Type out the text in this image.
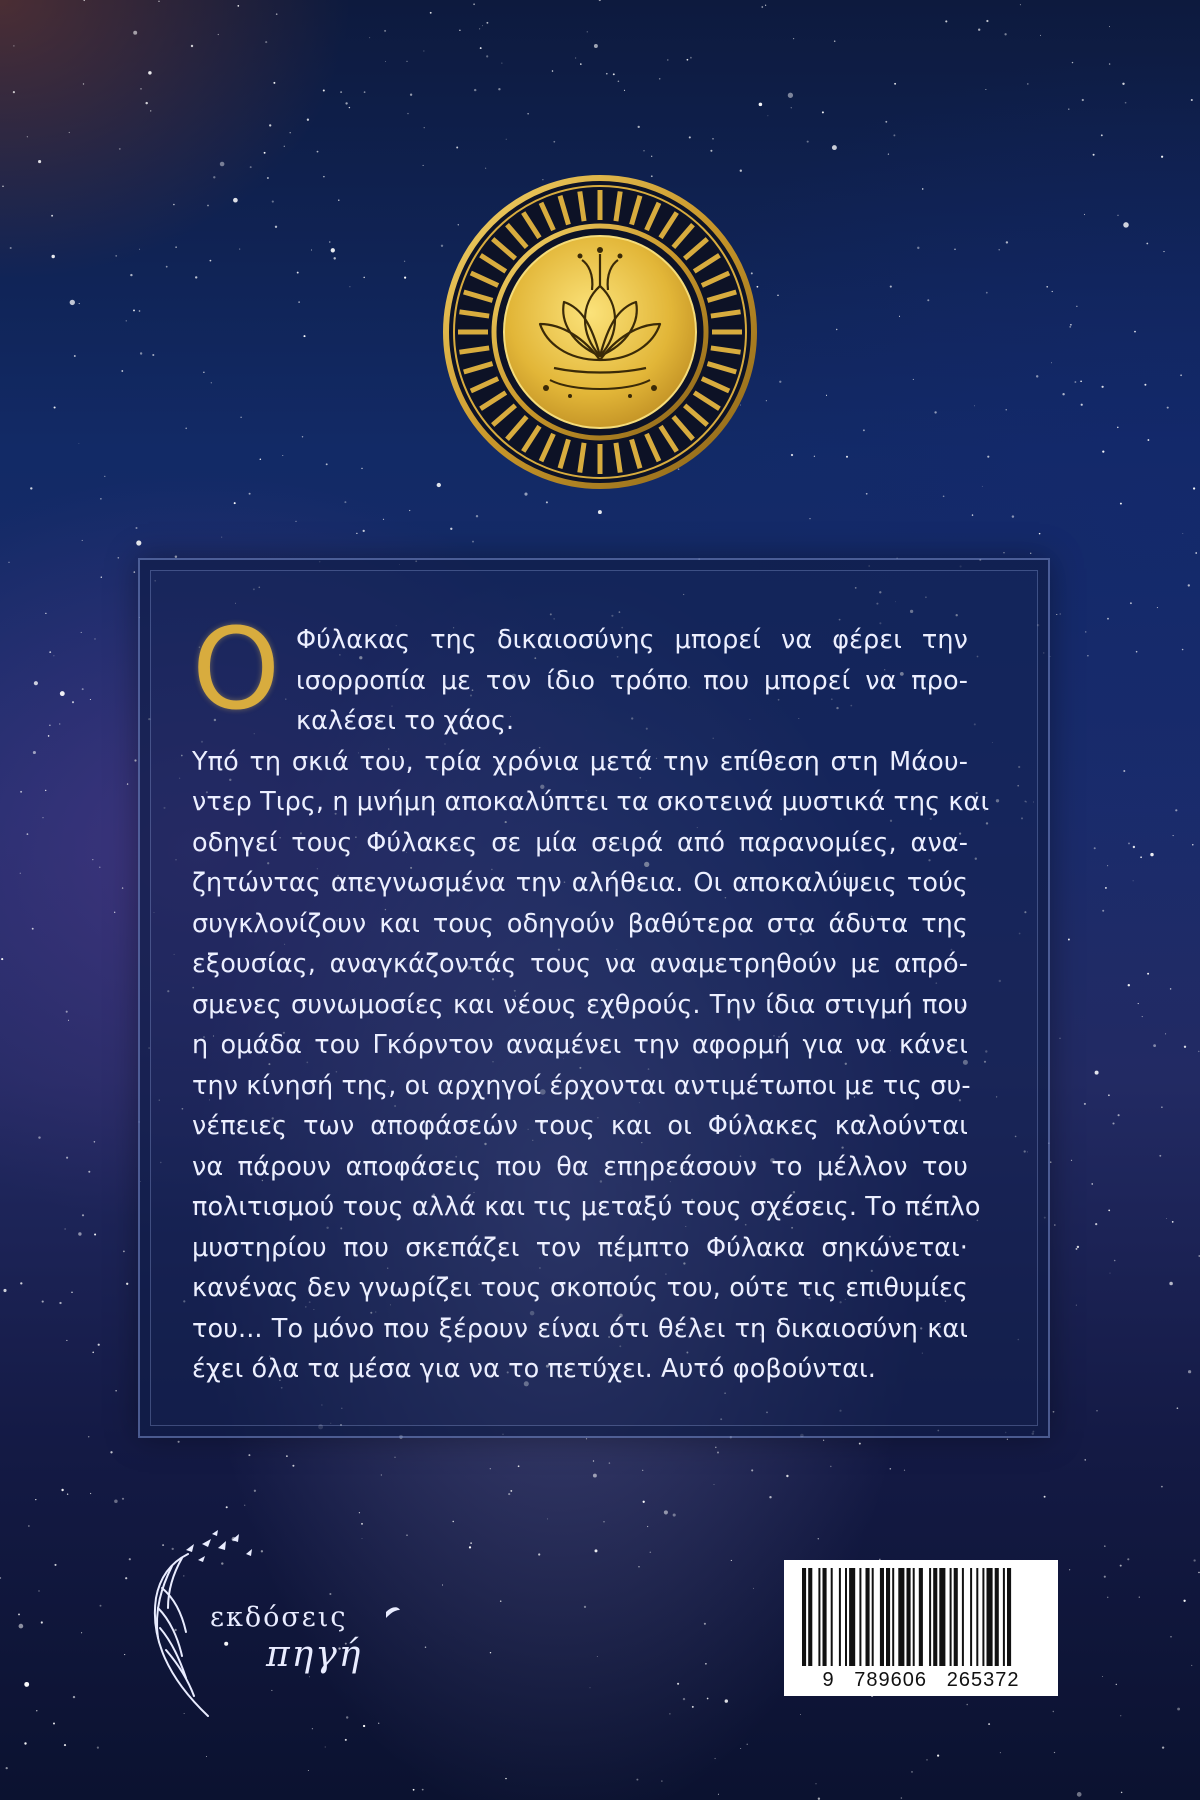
Ο Φύλακας της δικαιοσύνης μπορεί να φέρει την
ισορροπία με τον ίδιο τρόπο που μπορεί να προ-
καλέσει το χάος.
Υπό τη σκιά του, τρία χρόνια μετά την επίθεση στη Μάου-
ντερ Τιρς, η μνήμη αποκαλύπτει τα σκοτεινά μυστικά της και
οδηγεί τους Φύλακες σε μία σειρά από παρανομίες, ανα-
ζητώντας απεγνωσμένα την αλήθεια. Οι αποκαλύψεις τούς
συγκλονίζουν και τους οδηγούν βαθύτερα στα άδυτα της
εξουσίας, αναγκάζοντάς τους να αναμετρηθούν με απρό-
σμενες συνωμοσίες και νέους εχθρούς. Την ίδια στιγμή που
η ομάδα του Γκόρντον αναμένει την αφορμή για να κάνει
την κίνησή της, οι αρχηγοί έρχονται αντιμέτωποι με τις συ-
νέπειες των αποφάσεών τους και οι Φύλακες καλούνται
να πάρουν αποφάσεις που θα επηρεάσουν το μέλλον του
πολιτισμού τους αλλά και τις μεταξύ τους σχέσεις. Το πέπλο
μυστηρίου που σκεπάζει τον πέμπτο Φύλακα σηκώνεται·
κανένας δεν γνωρίζει τους σκοπούς του, ούτε τις επιθυμίες
του... Το μόνο που ξέρουν είναι ότι θέλει τη δικαιοσύνη και
έχει όλα τα μέσα για να το πετύχει. Αυτό φοβούνται.
εκδόσεις
πηγή
9   789606   265372
